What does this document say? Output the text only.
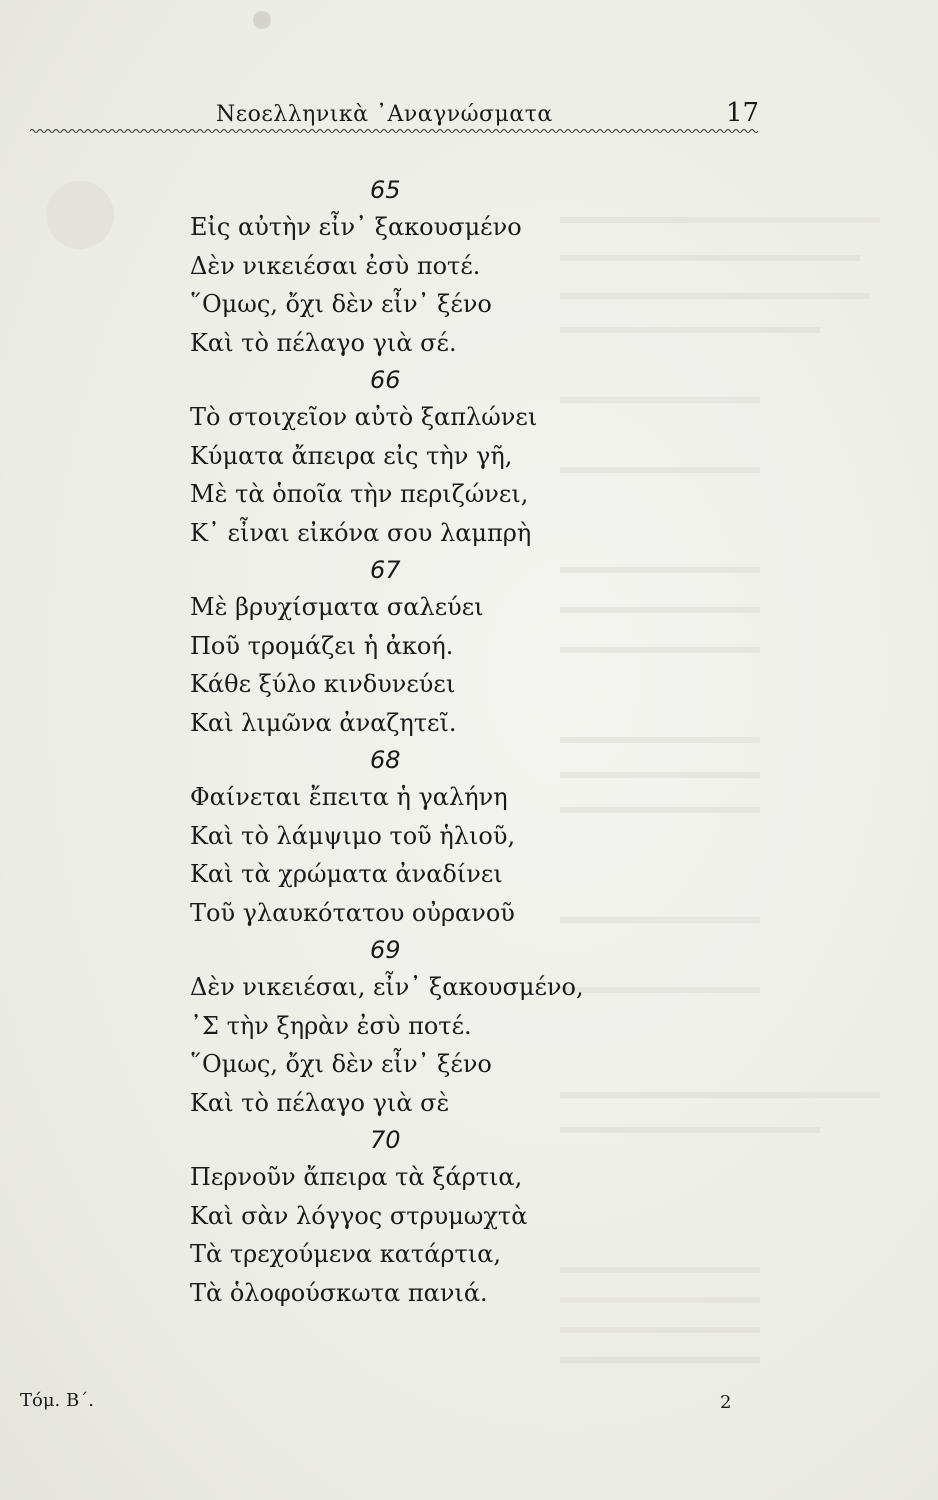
Νεοελληνικὰ ᾿Αναγνώσματα	17
65
Εἰς αὐτὴν εἶν᾿ ξακουσμένο
Δὲν νικειέσαι ἐσὺ ποτέ.
῞Ομως, ὄχι δὲν εἶν᾿ ξένο
Καὶ τὸ πέλαγο γιὰ σέ.
66
Τὸ στοιχεῖον αὐτὸ ξαπλώνει
Κύματα ἄπειρα εἰς τὴν γῆ,
Μὲ τὰ ὁποῖα τὴν περιζώνει,
Κ᾿ εἶναι εἰκόνα σου λαμπρὴ
67
Μὲ βρυχίσματα σαλεύει
Ποῦ τρομάζει ἡ ἀκοή.
Κάθε ξύλο κινδυνεύει
Καὶ λιμῶνα ἀναζητεῖ.
68
Φαίνεται ἔπειτα ἡ γαλήνη
Καὶ τὸ λάμψιμο τοῦ ἡλιοῦ,
Καὶ τὰ χρώματα ἀναδίνει
Τοῦ γλαυκότατου οὐρανοῦ
69
Δὲν νικειέσαι, εἶν᾿ ξακουσμένο,
᾿Σ τὴν ξηρὰν ἐσὺ ποτέ.
῞Ομως, ὄχι δὲν εἶν᾿ ξένο
Καὶ τὸ πέλαγο γιὰ σὲ
70
Περνοῦν ἄπειρα τὰ ξάρτια,
Καὶ σὰν λόγγος στρυμωχτὰ
Τὰ τρεχούμενα κατάρτια,
Τὰ ὁλοφούσκωτα πανιά.
Τόμ. Β΄.	2
